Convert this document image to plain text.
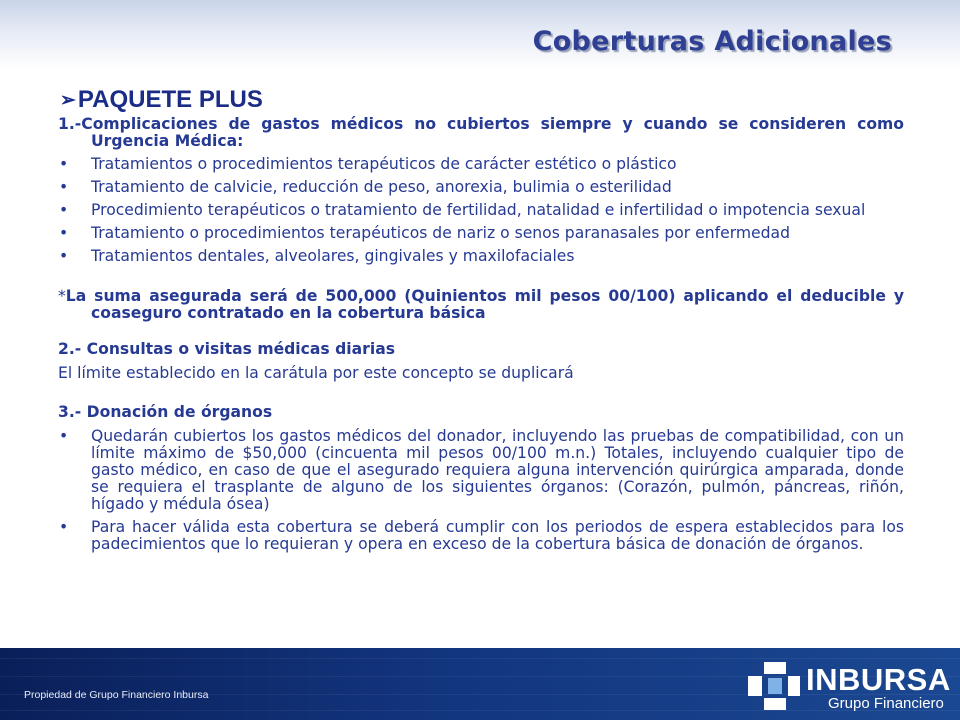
Coberturas Adicionales
➢PAQUETE PLUS

1.-Complicaciones de gastos médicos no cubiertos siempre y cuando se consideren como Urgencia Médica:

• Tratamientos o procedimientos terapéuticos de carácter estético o plástico
• Tratamiento de calvicie, reducción de peso, anorexia, bulimia o esterilidad
• Procedimiento terapéuticos o tratamiento de fertilidad, natalidad e infertilidad o impotencia sexual
• Tratamiento o procedimientos terapéuticos de nariz o senos paranasales por enfermedad
• Tratamientos dentales, alveolares, gingivales y maxilofaciales

*La suma asegurada será de 500,000 (Quinientos mil pesos 00/100) aplicando el deducible y coaseguro contratado en la cobertura básica

2.- Consultas o visitas médicas diarias

El límite establecido en la carátula por este concepto se duplicará

3.- Donación de órganos

• Quedarán cubiertos los gastos médicos del donador, incluyendo las pruebas de compatibilidad, con un límite máximo de $50,000 (cincuenta mil pesos 00/100 m.n.) Totales, incluyendo cualquier tipo de gasto médico, en caso de que el asegurado requiera alguna intervención quirúrgica amparada, donde se requiera el trasplante de alguno de los siguientes órganos: (Corazón, pulmón, páncreas, riñón, hígado y médula ósea)
• Para hacer válida esta cobertura se deberá cumplir con los periodos de espera establecidos para los padecimientos que lo requieran y opera en exceso de la cobertura básica de donación de órganos.
Propiedad de Grupo Financiero Inbursa	INBURSA
Grupo Financiero
